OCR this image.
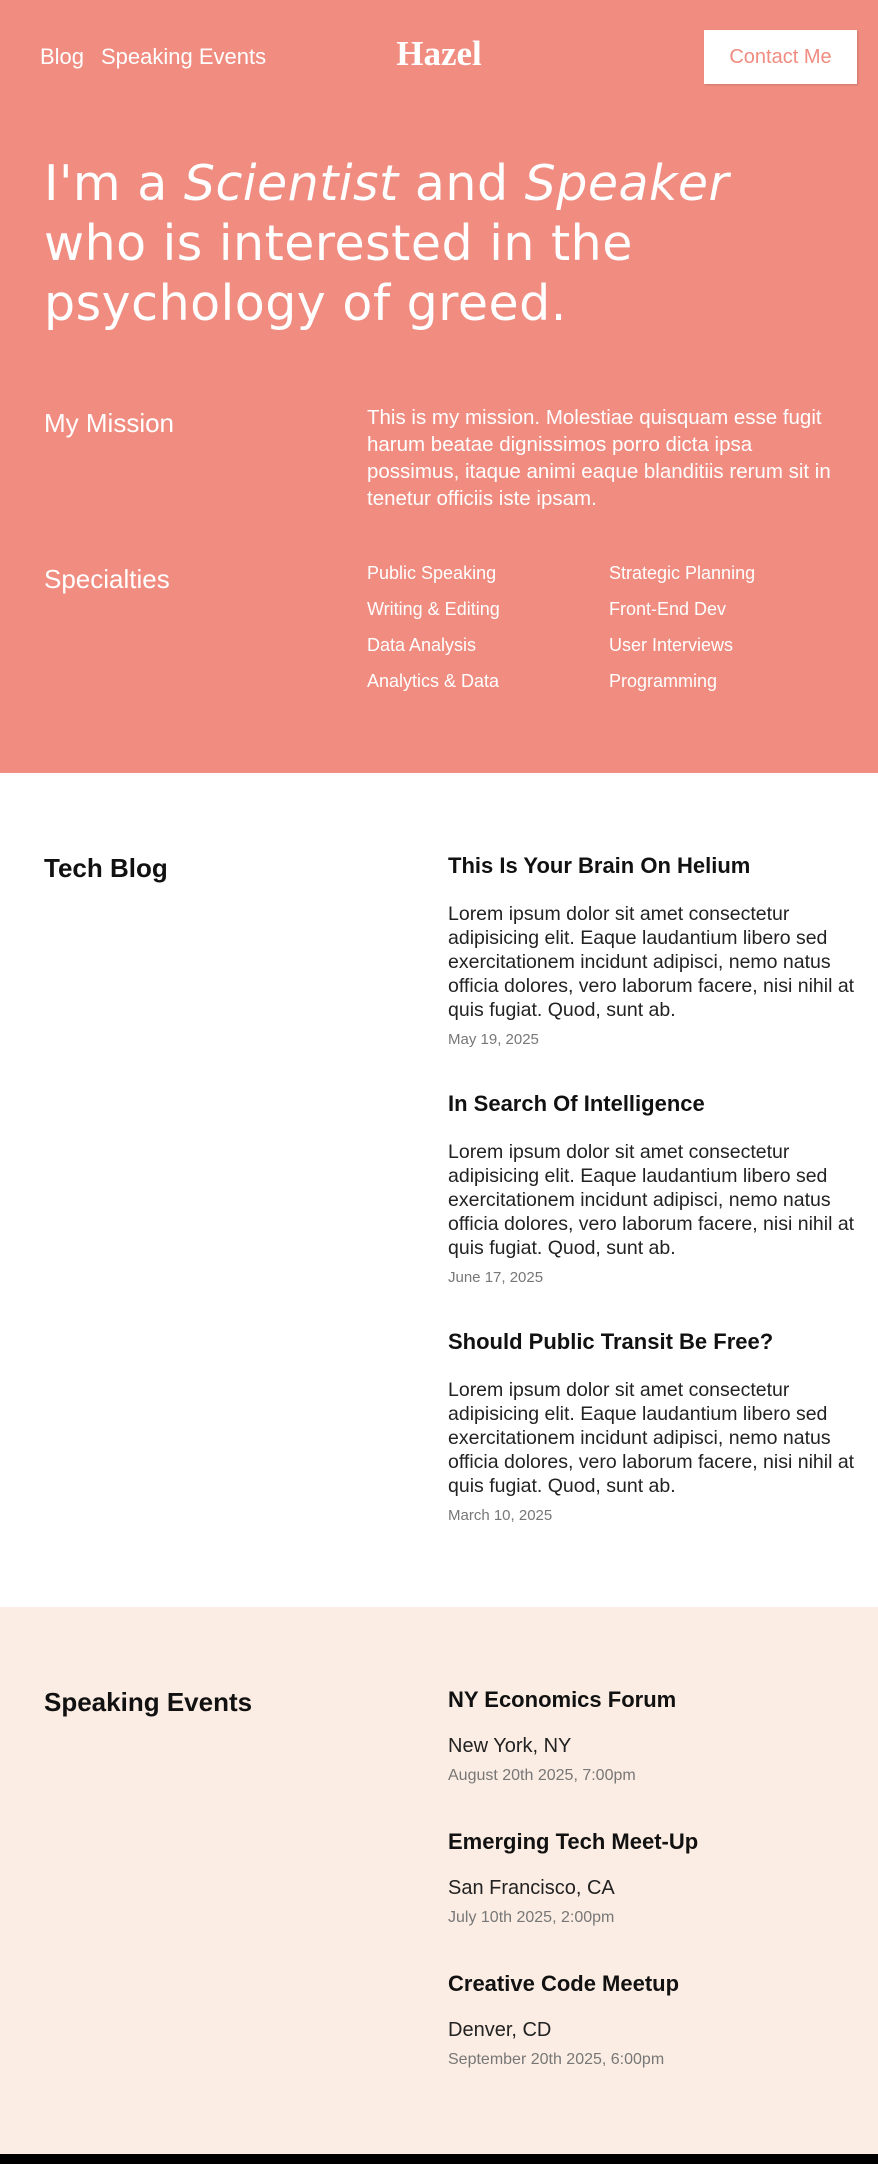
Blog Speaking Events	Hazel	Contact Me
I'm a Scientist and Speaker who is interested in the psychology of greed.
My Mission	This is my mission. Molestiae quisquam esse fugit harum beatae dignissimos porro dicta ipsa possimus, itaque animi eaque blanditiis rerum sit in tenetur officiis iste ipsam.

Specialties	Public Speaking	Strategic Planning
Writing & Editing	Front-End Dev
Data Analysis	User Interviews
Analytics & Data	Programming
Tech Blog	This Is Your Brain On Helium

Lorem ipsum dolor sit amet consectetur adipisicing elit. Eaque laudantium libero sed exercitationem incidunt adipisci, nemo natus officia dolores, vero laborum facere, nisi nihil at quis fugiat. Quod, sunt ab.

May 19, 2025
In Search Of Intelligence

Lorem ipsum dolor sit amet consectetur adipisicing elit. Eaque laudantium libero sed exercitationem incidunt adipisci, nemo natus officia dolores, vero laborum facere, nisi nihil at quis fugiat. Quod, sunt ab.

June 17, 2025
Should Public Transit Be Free?

Lorem ipsum dolor sit amet consectetur adipisicing elit. Eaque laudantium libero sed exercitationem incidunt adipisci, nemo natus officia dolores, vero laborum facere, nisi nihil at quis fugiat. Quod, sunt ab.

March 10, 2025
Speaking Events	NY Economics Forum
New York, NY
August 20th 2025, 7:00pm
Emerging Tech Meet-Up
San Francisco, CA
July 10th 2025, 2:00pm
Creative Code Meetup
Denver, CD
September 20th 2025, 6:00pm
